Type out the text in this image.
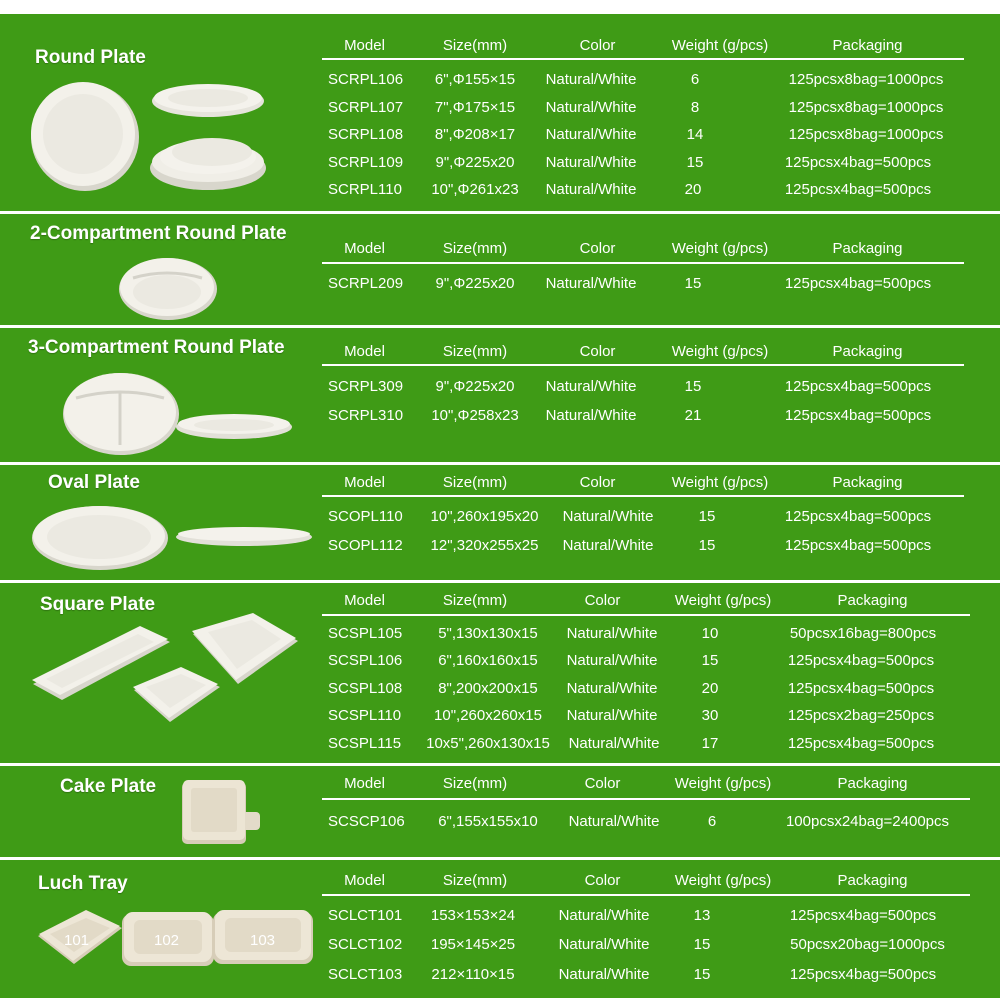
Round Plate
Model	Size(mm)	Color	Weight (g/pcs)	Packaging
SCRPL106	6",Φ155×15	Natural/White	6	125pcsx8bag=1000pcs
SCRPL107	7",Φ175×15	Natural/White	8	125pcsx8bag=1000pcs
SCRPL108	8",Φ208×17	Natural/White	14	125pcsx8bag=1000pcs
SCRPL109	9",Φ225x20	Natural/White	15	125pcsx4bag=500pcs
SCRPL110	10",Φ261x23	Natural/White	20	125pcsx4bag=500pcs
2-Compartment Round Plate
Model	Size(mm)	Color	Weight (g/pcs)	Packaging
SCRPL209	9",Φ225x20	Natural/White	15	125pcsx4bag=500pcs
3-Compartment Round Plate	Model	Size(mm)	Color	Weight (g/pcs)	Packaging
SCRPL309	9",Φ225x20	Natural/White	15	125pcsx4bag=500pcs
SCRPL310	10",Φ258x23	Natural/White	21	125pcsx4bag=500pcs
Oval Plate	Model	Size(mm)	Color	Weight (g/pcs)	Packaging
SCOPL110	10",260x195x20	Natural/White	15	125pcsx4bag=500pcs
SCOPL112	12",320x255x25	Natural/White	15	125pcsx4bag=500pcs
Square Plate	Model	Size(mm)	Color	Weight (g/pcs)	Packaging
SCSPL105	5",130x130x15	Natural/White	10	50pcsx16bag=800pcs
SCSPL106	6",160x160x15	Natural/White	15	125pcsx4bag=500pcs
SCSPL108	8",200x200x15	Natural/White	20	125pcsx4bag=500pcs
SCSPL110	10",260x260x15	Natural/White	30	125pcsx2bag=250pcs
SCSPL115	10x5",260x130x15	Natural/White	17	125pcsx4bag=500pcs
Cake Plate	Model	Size(mm)	Color	Weight (g/pcs)	Packaging
SCSCP106	6",155x155x10	Natural/White	6	100pcsx24bag=2400pcs
Luch Tray	Model	Size(mm)	Color	Weight (g/pcs)	Packaging
SCLCT101	153×153×24	Natural/White	13	125pcsx4bag=500pcs
SCLCT102	195×145×25	Natural/White	15	50pcsx20bag=1000pcs
SCLCT103	212×110×15	Natural/White	15	125pcsx4bag=500pcs
101	102	103
